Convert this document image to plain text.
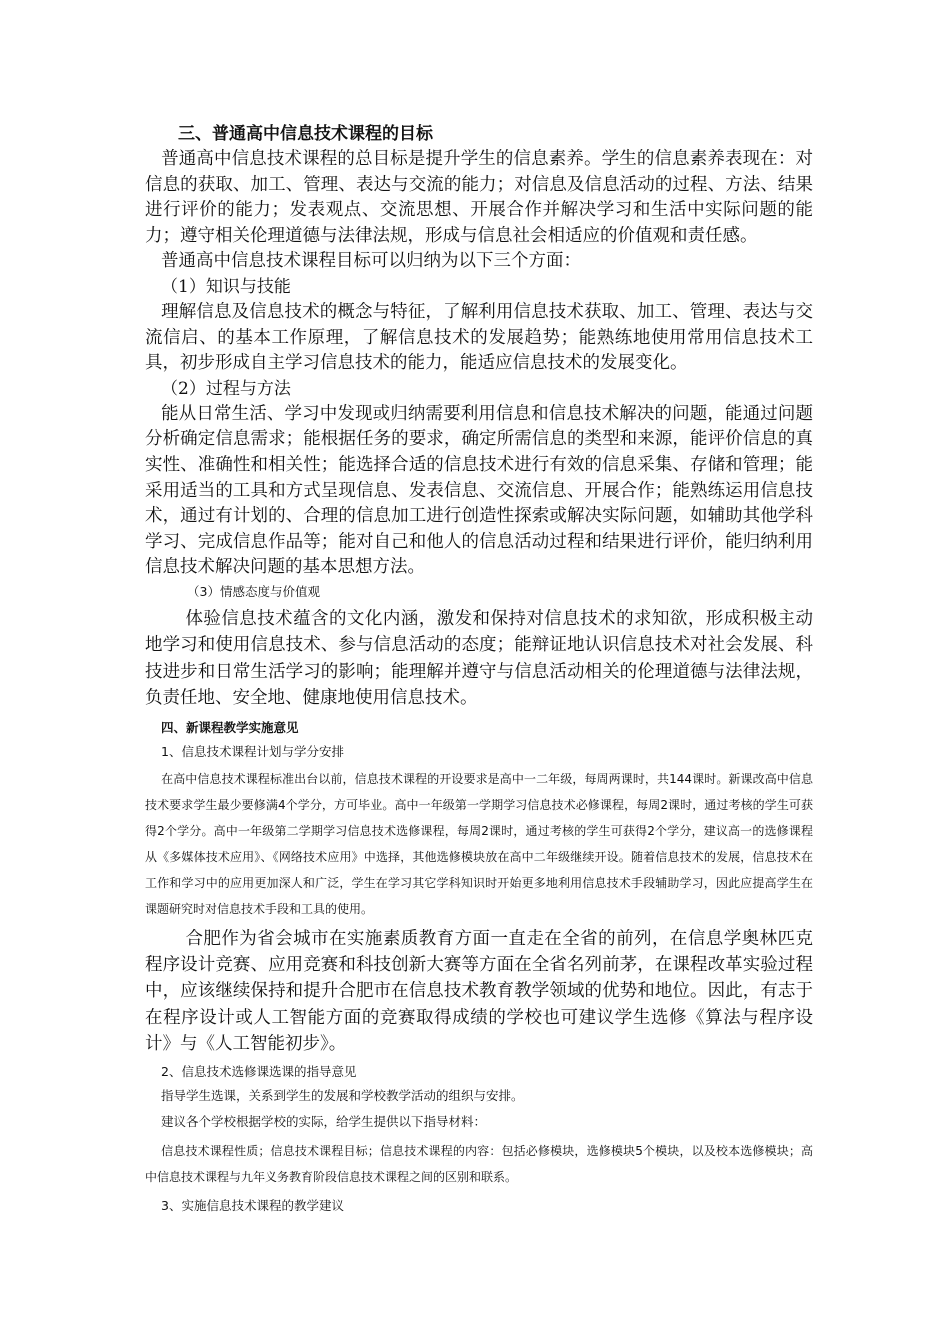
三、普通高中信息技术课程的目标

普通高中信息技术课程的总目标是提升学生的信息素养。学生的信息素养表现在：对信息的获取、加工、管理、表达与交流的能力；对信息及信息活动的过程、方法、结果进行评价的能力；发表观点、交流思想、开展合作并解决学习和生活中实际问题的能力；遵守相关伦理道德与法律法规，形成与信息社会相适应的价值观和责任感。

普通高中信息技术课程目标可以归纳为以下三个方面：

（1）知识与技能

理解信息及信息技术的概念与特征，了解利用信息技术获取、加工、管理、表达与交流信启、的基本工作原理，了解信息技术的发展趋势；能熟练地使用常用信息技术工具，初步形成自主学习信息技术的能力，能适应信息技术的发展变化。

（2）过程与方法

能从日常生活、学习中发现或归纳需要利用信息和信息技术解决的问题，能通过问题分析确定信息需求；能根据任务的要求，确定所需信息的类型和来源，能评价信息的真实性、准确性和相关性；能选择合适的信息技术进行有效的信息采集、存储和管理；能采用适当的工具和方式呈现信息、发表信息、交流信息、开展合作；能熟练运用信息技术，通过有计划的、合理的信息加工进行创造性探索或解决实际问题，如辅助其他学科学习、完成信息作品等；能对自己和他人的信息活动过程和结果进行评价，能归纳利用信息技术解决问题的基本思想方法。

（3）情感态度与价值观

体验信息技术蕴含的文化内涵，激发和保持对信息技术的求知欲，形成积极主动地学习和使用信息技术、参与信息活动的态度；能辩证地认识信息技术对社会发展、科技进步和日常生活学习的影响；能理解并遵守与信息活动相关的伦理道德与法律法规，负责任地、安全地、健康地使用信息技术。

四、新课程教学实施意见
1、信息技术课程计划与学分安排

在高中信息技术课程标准出台以前，信息技术课程的开设要求是高中一二年级，每周两课时，共144课时。新课改高中信息技术要求学生最少要修满4个学分，方可毕业。高中一年级第一学期学习信息技术必修课程，每周2课时，通过考核的学生可获得2个学分。高中一年级第二学期学习信息技术选修课程，每周2课时，通过考核的学生可获得2个学分，建议高一的选修课程从《多媒体技术应用》、《网络技术应用》中选择，其他选修模块放在高中二年级继续开设。随着信息技术的发展，信息技术在工作和学习中的应用更加深人和广泛，学生在学习其它学科知识时开始更多地利用信息技术手段辅助学习，因此应提高学生在课题研究时对信息技术手段和工具的使用。

合肥作为省会城市在实施素质教育方面一直走在全省的前列，在信息学奥林匹克程序设计竞赛、应用竞赛和科技创新大赛等方面在全省名列前茅，在课程改革实验过程中，应该继续保持和提升合肥市在信息技术教育教学领域的优势和地位。因此，有志于在程序设计或人工智能方面的竞赛取得成绩的学校也可建议学生选修《算法与程序设计》与《人工智能初步》。

2、信息技术选修课选课的指导意见
指导学生选课，关系到学生的发展和学校教学活动的组织与安排。
建议各个学校根据学校的实际，给学生提供以下指导材料：

信息技术课程性质；信息技术课程目标；信息技术课程的内容：包括必修模块，选修模块5个模块，以及校本选修模块；高中信息技术课程与九年义务教育阶段信息技术课程之间的区别和联系。

3、实施信息技术课程的教学建议
